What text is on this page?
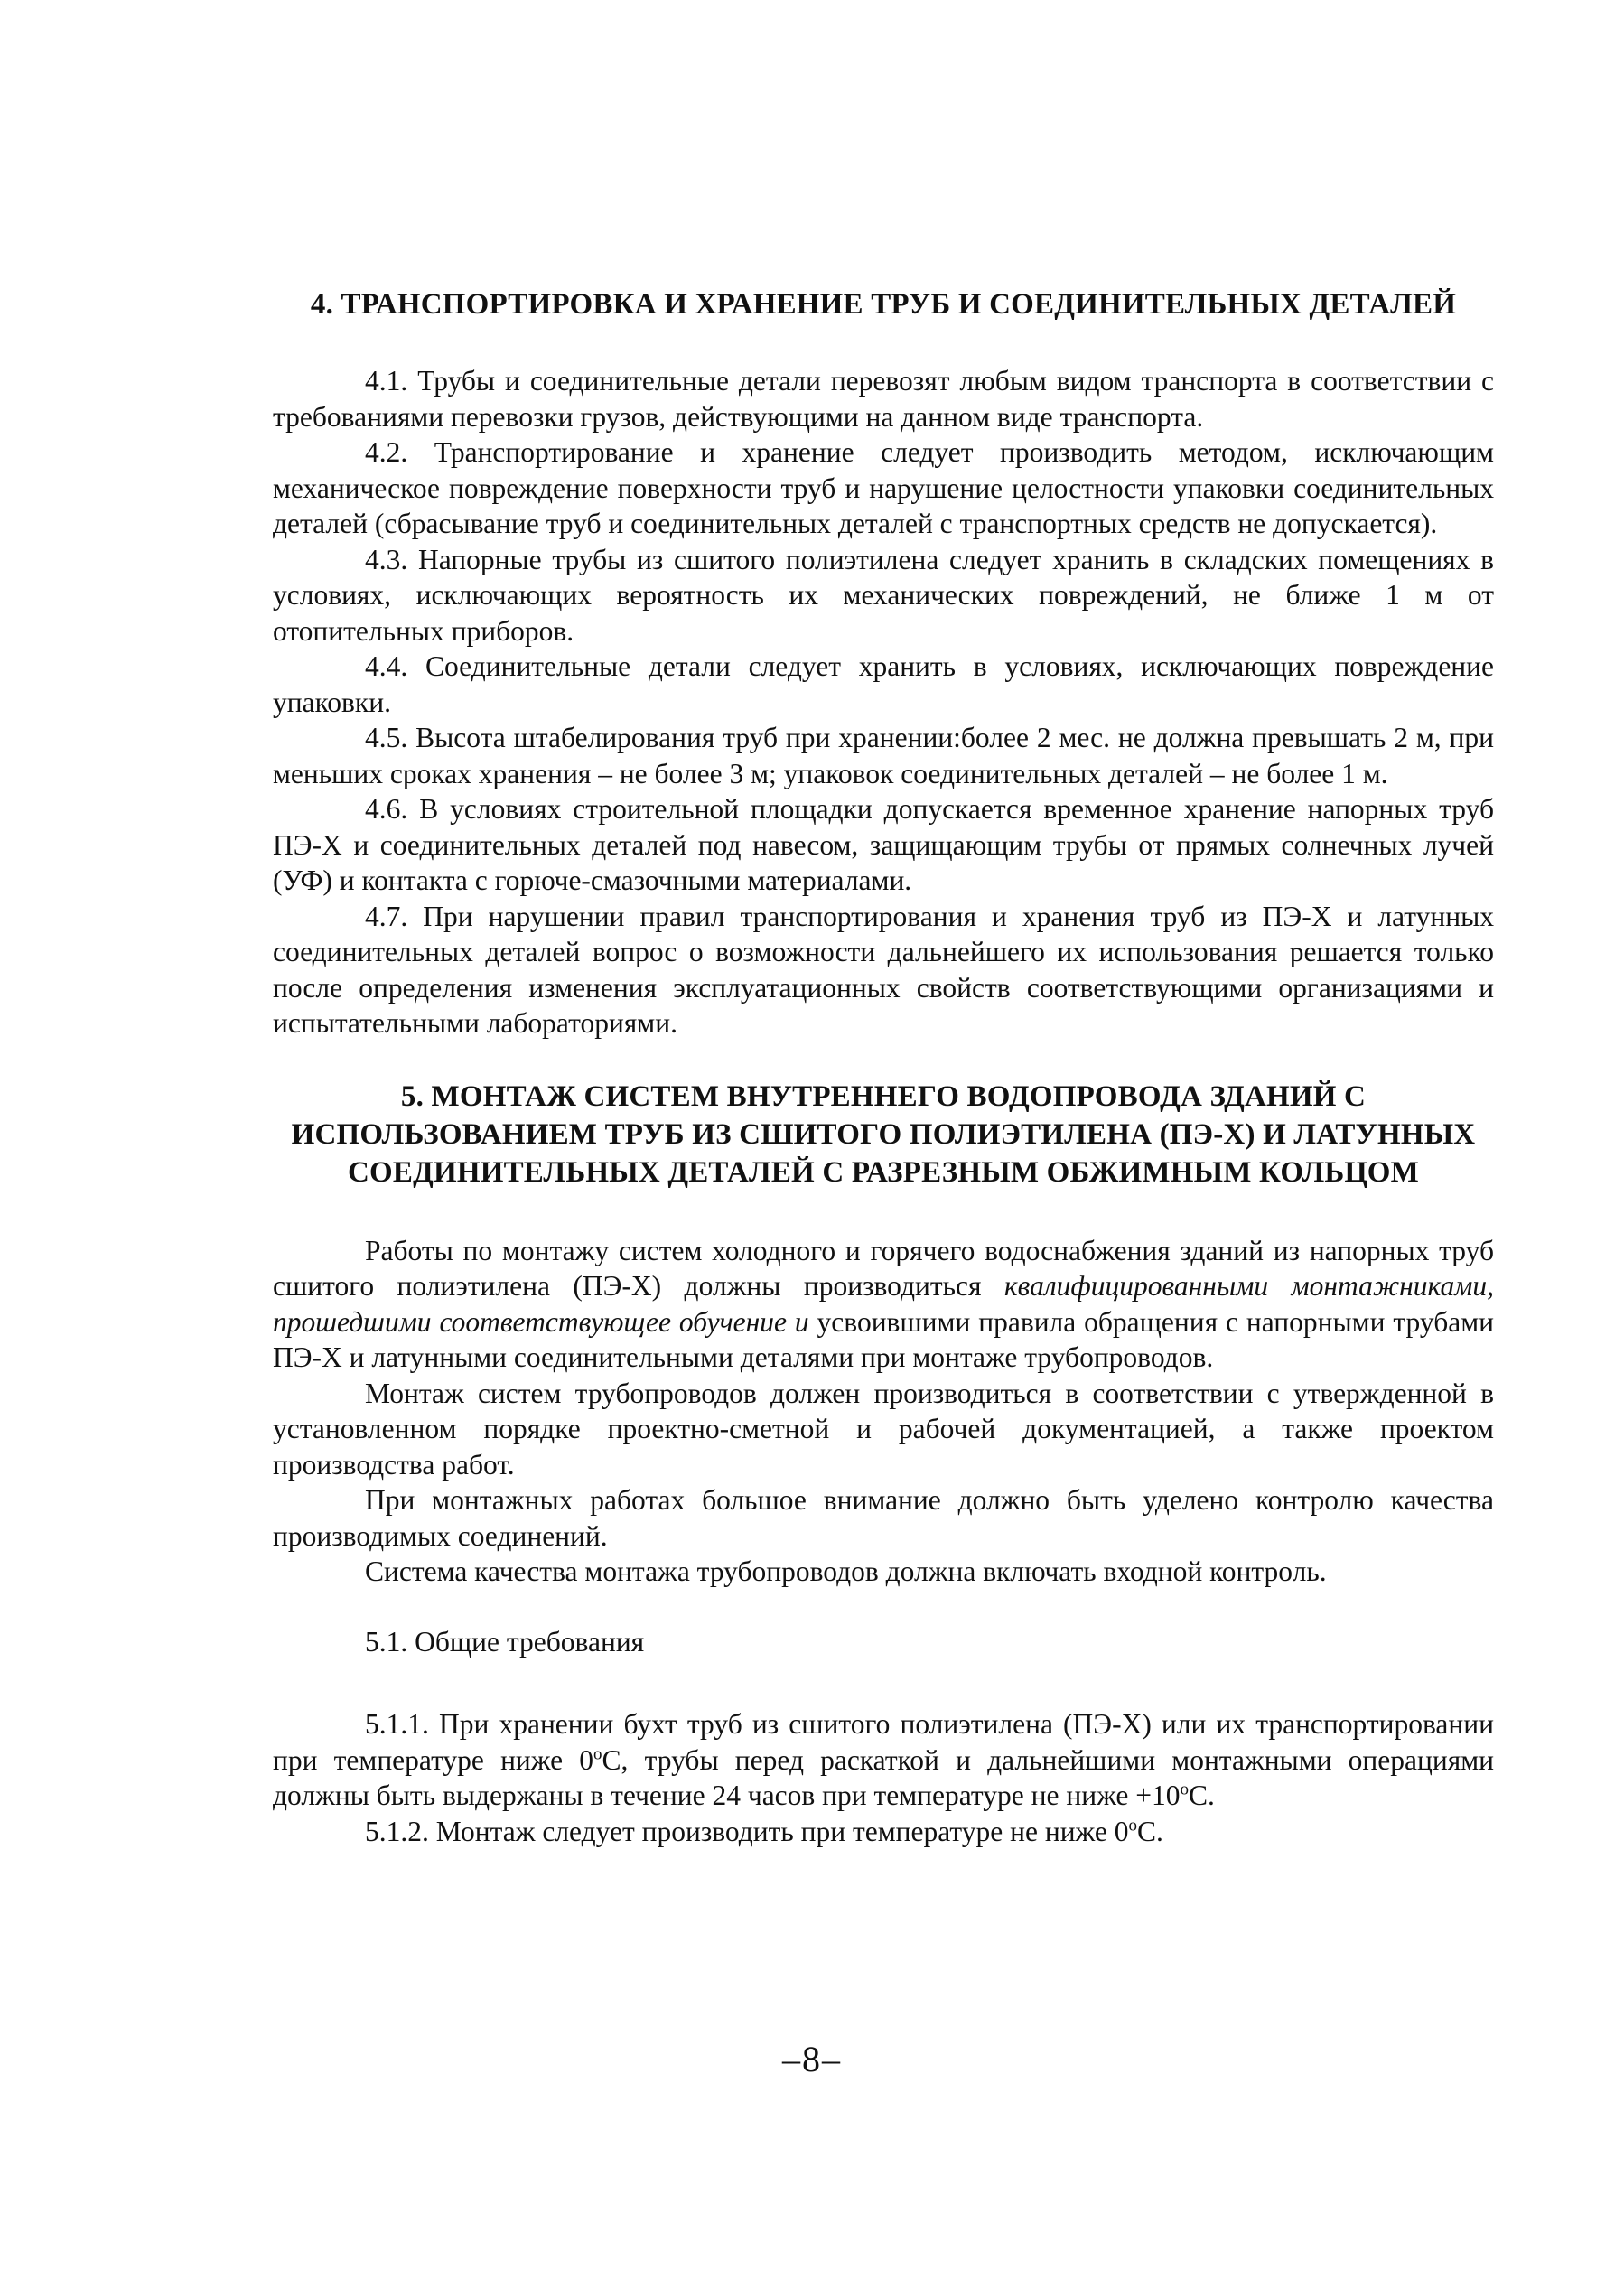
4. ТРАНСПОРТИРОВКА И ХРАНЕНИЕ ТРУБ И СОЕДИНИТЕЛЬНЫХ ДЕТАЛЕЙ

4.1. Трубы и соединительные детали перевозят любым видом транспорта в соответствии с требованиями перевозки грузов, действующими на данном виде транспорта.

4.2. Транспортирование и хранение следует производить методом, исключающим механическое повреждение поверхности труб и нарушение целостности упаковки соединительных деталей (сбрасывание труб и соединительных деталей с транспортных средств не допускается).

4.3. Напорные трубы из сшитого полиэтилена следует хранить в складских помещениях в условиях, исключающих вероятность их механических повреждений, не ближе 1 м от отопительных приборов.

4.4. Соединительные детали следует хранить в условиях, исключающих повреждение упаковки.

4.5. Высота штабелирования труб при хранении:более 2 мес. не должна превышать 2 м, при меньших сроках хранения – не более 3 м; упаковок соединительных деталей – не более 1 м.

4.6. В условиях строительной площадки допускается временное хранение напорных труб ПЭ-Х и соединительных деталей под навесом, защищающим трубы от прямых солнечных лучей (УФ) и контакта с горюче-смазочными материалами.

4.7. При нарушении правил транспортирования и хранения труб из ПЭ-Х и латунных соединительных деталей вопрос о возможности дальнейшего их использования решается только после определения изменения эксплуатационных свойств соответствующими организациями и испытательными лабораториями.

5. МОНТАЖ СИСТЕМ ВНУТРЕННЕГО ВОДОПРОВОДА ЗДАНИЙ С
ИСПОЛЬЗОВАНИЕМ ТРУБ ИЗ СШИТОГО ПОЛИЭТИЛЕНА (ПЭ-Х) И ЛАТУННЫХ
СОЕДИНИТЕЛЬНЫХ ДЕТАЛЕЙ С РАЗРЕЗНЫМ ОБЖИМНЫМ КОЛЬЦОМ

Работы по монтажу систем холодного и горячего водоснабжения зданий из напорных труб сшитого полиэтилена (ПЭ-Х) должны производиться квалифицированными монтажниками, прошедшими соответствующее обучение и усвоившими правила обращения с напорными трубами ПЭ-Х и латунными соединительными деталями при монтаже трубопроводов.

Монтаж систем трубопроводов должен производиться в соответствии с утвержденной в установленном порядке проектно-сметной и рабочей документацией, а также проектом производства работ.

При монтажных работах большое внимание должно быть уделено контролю качества производимых соединений.

Система качества монтажа трубопроводов должна включать входной контроль.

5.1. Общие требования

5.1.1. При хранении бухт труб из сшитого полиэтилена (ПЭ-Х) или их транспортировании при температуре ниже $0^оС$, трубы перед раскаткой и дальнейшими монтажными операциями должны быть выдержаны в течение 24 часов при температуре не ниже $+10^оС$.

5.1.2. Монтаж следует производить при температуре не ниже $0^оС$.

–8–
